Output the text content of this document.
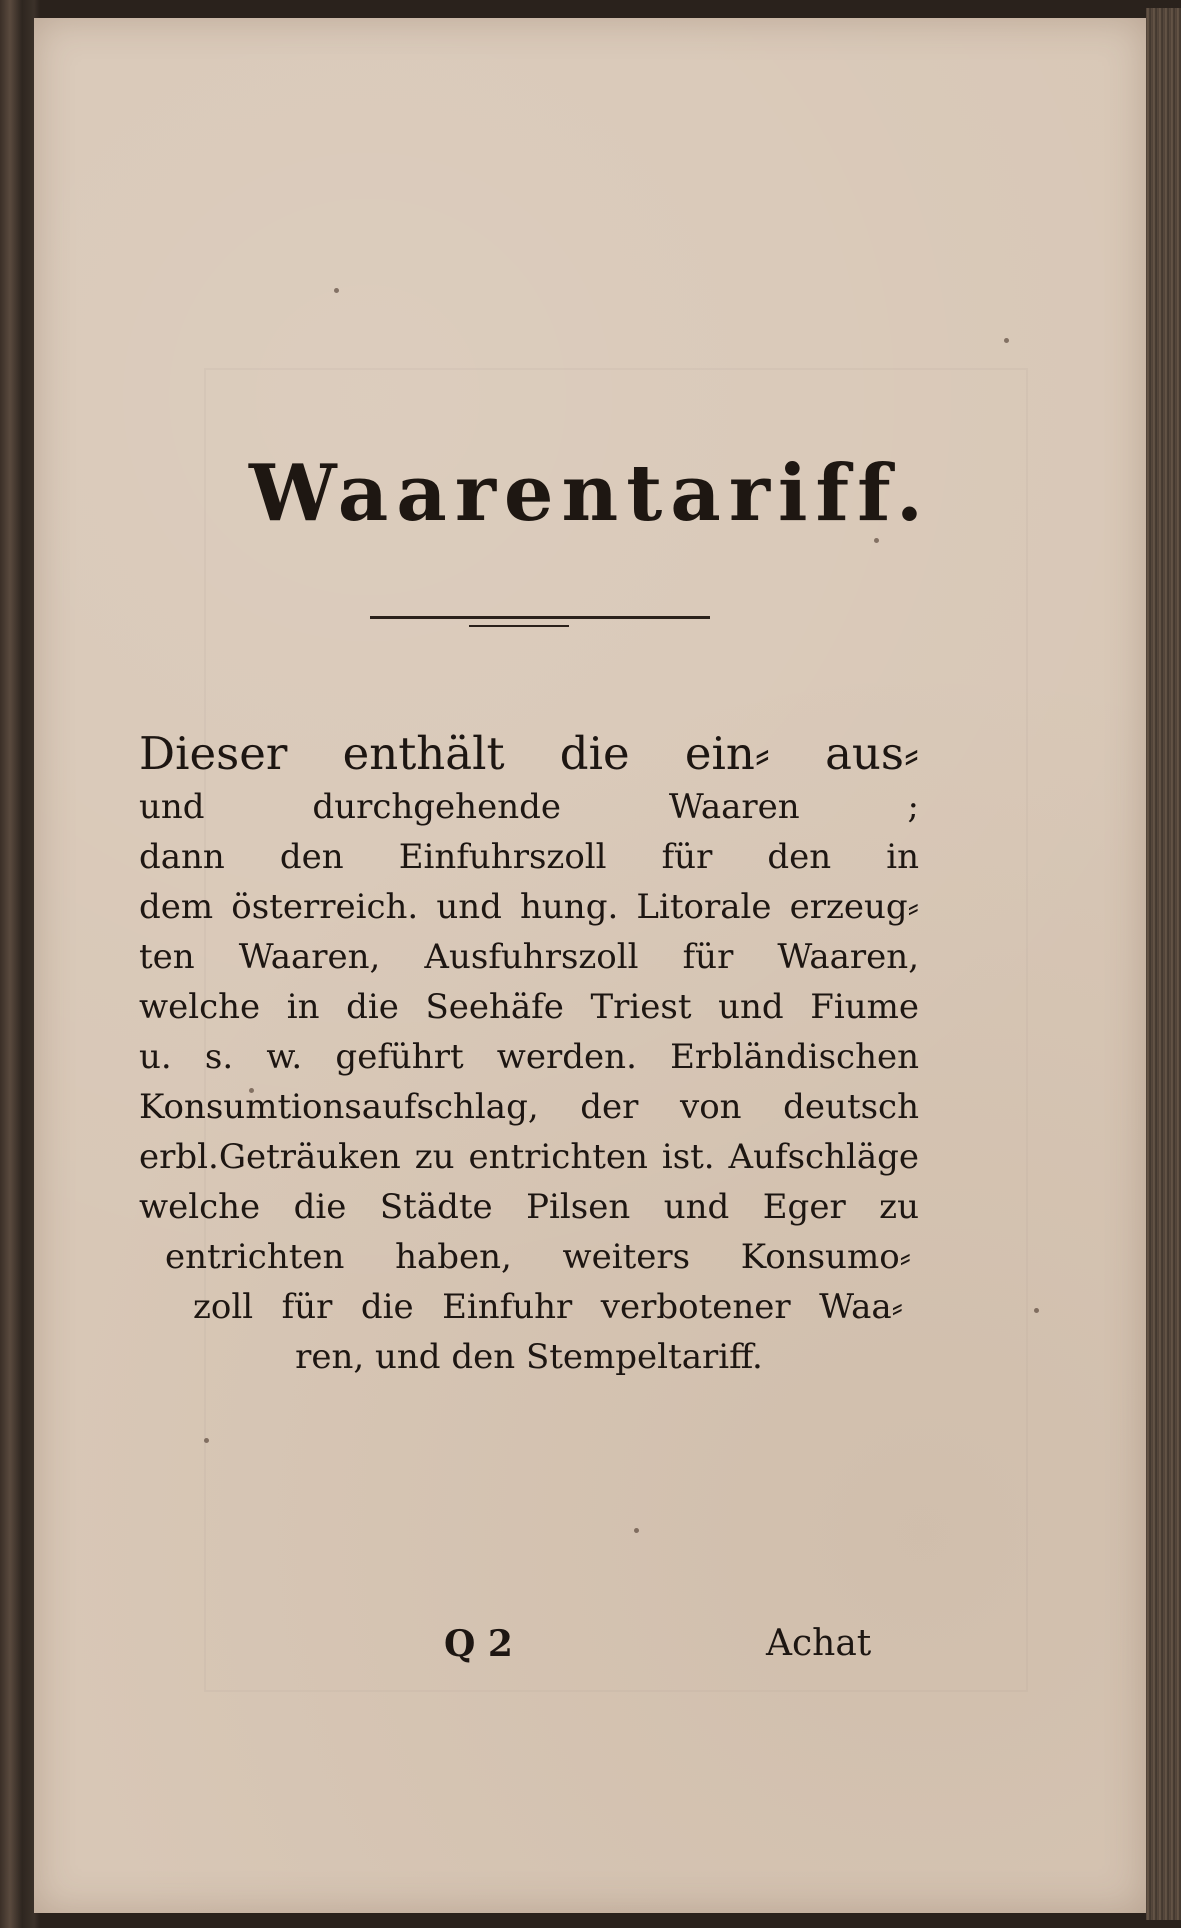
Waarentariff.
Dieser enthält die ein⸗ aus⸗
und durchgehende Waaren ;
dann den Einfuhrszoll für den in
dem österreich. und hung. Litorale erzeug⸗
ten Waaren, Ausfuhrszoll für Waaren,
welche in die Seehäfe Triest und Fiume
u. s. w. geführt werden. Erbländischen
Konsumtionsaufschlag, der von deutsch
erbl.Geträuken zu entrichten ist. Aufschläge
welche die Städte Pilsen und Eger zu
entrichten haben, weiters Konsumo⸗
zoll für die Einfuhr verbotener Waa⸗
ren, und den Stempeltariff.
Q 2	Achat
